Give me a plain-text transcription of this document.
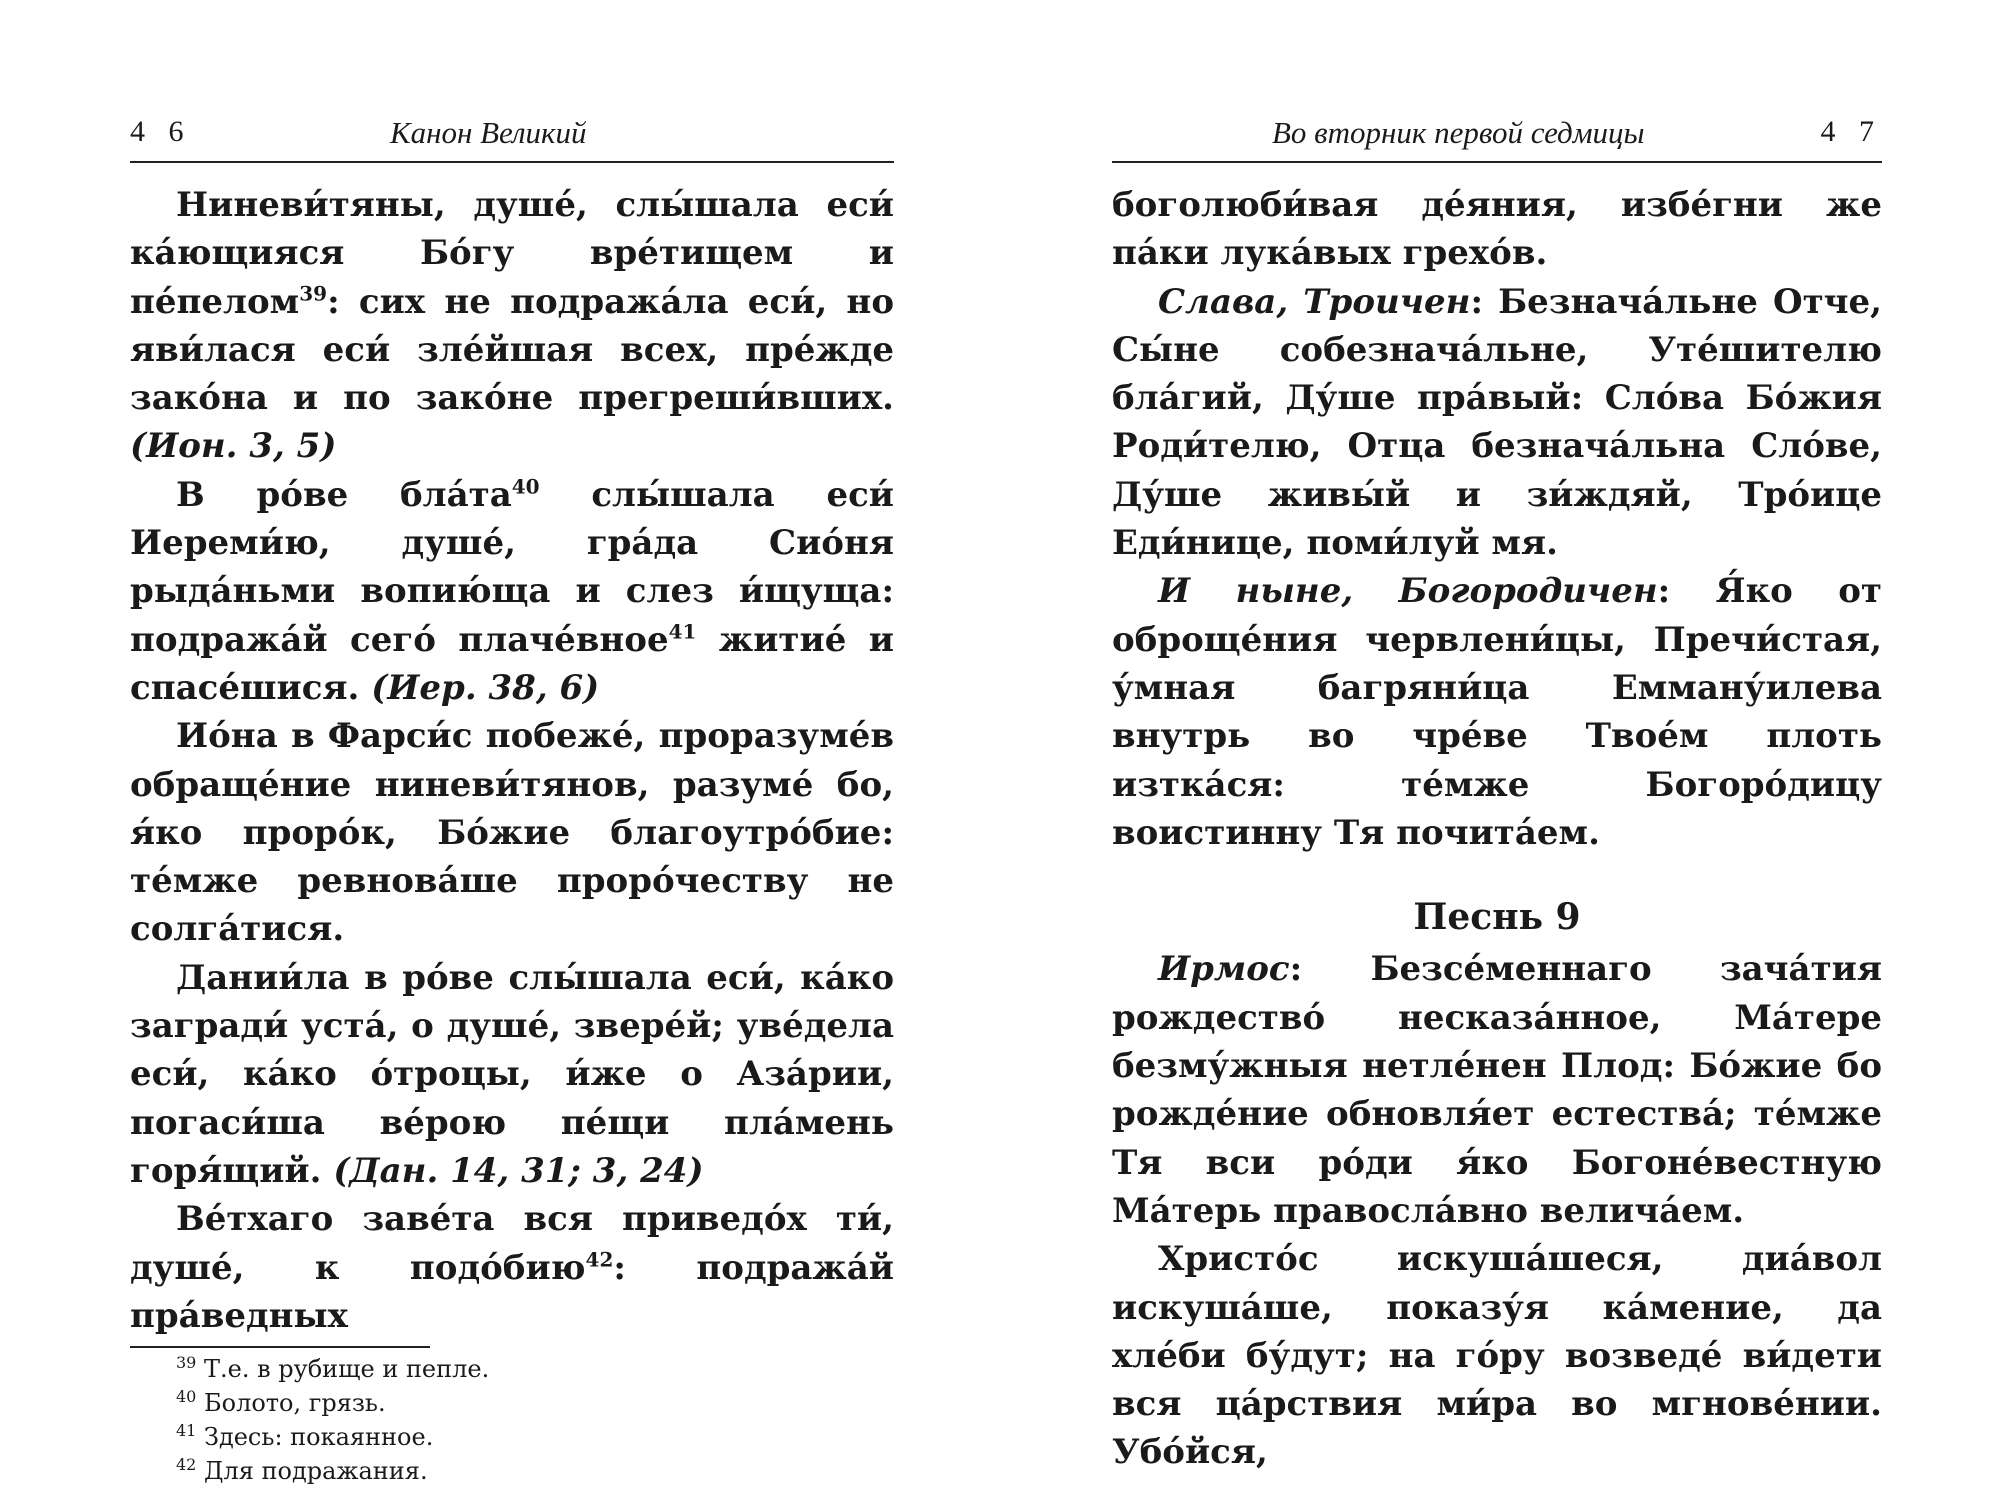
4 6	Канон Великий

Ниневи́тяны, душе́, слы́шала еси́ ка́ющияся Бо́гу вре́тищем и пе́пелом$^{39}$: сих не подража́ла еси́, но яви́лася еси́ зле́йшая всех, пре́жде зако́на и по зако́не прегреши́вших. (Ион. 3, 5)

В ро́ве $бла́та^{40}$ слы́шала еси́ Иереми́ю, душе́, гра́да Сио́ня рыда́ньми вопию́ща и слез и́щуща: подража́й сего́ плаче́вное$^{41}$ житие́ и спасе́шися. (Иер. 38, 6)

Ио́на в Фарси́с побеже́, проразуме́в обраще́ние ниневи́тянов, разуме́ бо, я́ко проро́к, Бо́жие благоутро́бие: те́мже ревнова́ше проро́честву не солга́тися.

Дании́ла в ро́ве слы́шала еси́, ка́ко загради́ уста́, о душе́, звере́й; уве́дела еси́, ка́ко о́троцы, и́же о Аза́рии, погаси́ша ве́рою пе́щи пла́мень горя́щий. (Дан. 14, 31; 3, 24)

Ве́тхаго заве́та вся приведо́х ти́, душе́, к подо́бию$^{42}$: подража́й пра́ведных

$^{39}$ Т.е. в рубище и пепле.
$^{40}$ Болото, грязь.
$^{41}$ Здесь: покаянное.
$^{42}$ Для подражания.
Во вторник первой седмицы	4 7

боголюби́вая де́яния, избе́гни же па́ки лука́вых грехо́в.

Слава, Троичен: Безнача́льне Отче, Сы́не собезнача́льне, Уте́шителю бла́гий, Ду́ше пра́вый: Сло́ва Бо́жия Роди́телю, Отца безнача́льна Сло́ве, Ду́ше живы́й и зи́ждяй, Тро́ице Еди́нице, поми́луй мя.

И ныне, Богородичен: Я́ко от оброще́ния червлени́цы, Пречи́стая, у́мная багряни́ца Емману́илева внутрь во чре́ве Твое́м плоть изтка́ся: те́мже Богоро́дицу воистинну Тя почита́ем.

Песнь 9

Ирмос: Безсе́меннаго зача́тия рождество́ несказа́нное, Ма́тере безму́жныя нетле́нен Плод: Бо́жие бо рожде́ние обновля́ет естества́; те́мже Тя вси ро́ди я́ко Богоне́вестную Ма́терь правосла́вно велича́ем.

Христо́с искуша́шеся, диа́вол искуша́ше, показу́я ка́мение, да хле́би бу́дут; на го́ру возведе́ ви́дети вся ца́рствия ми́ра во мгнове́нии. Убо́йся,
